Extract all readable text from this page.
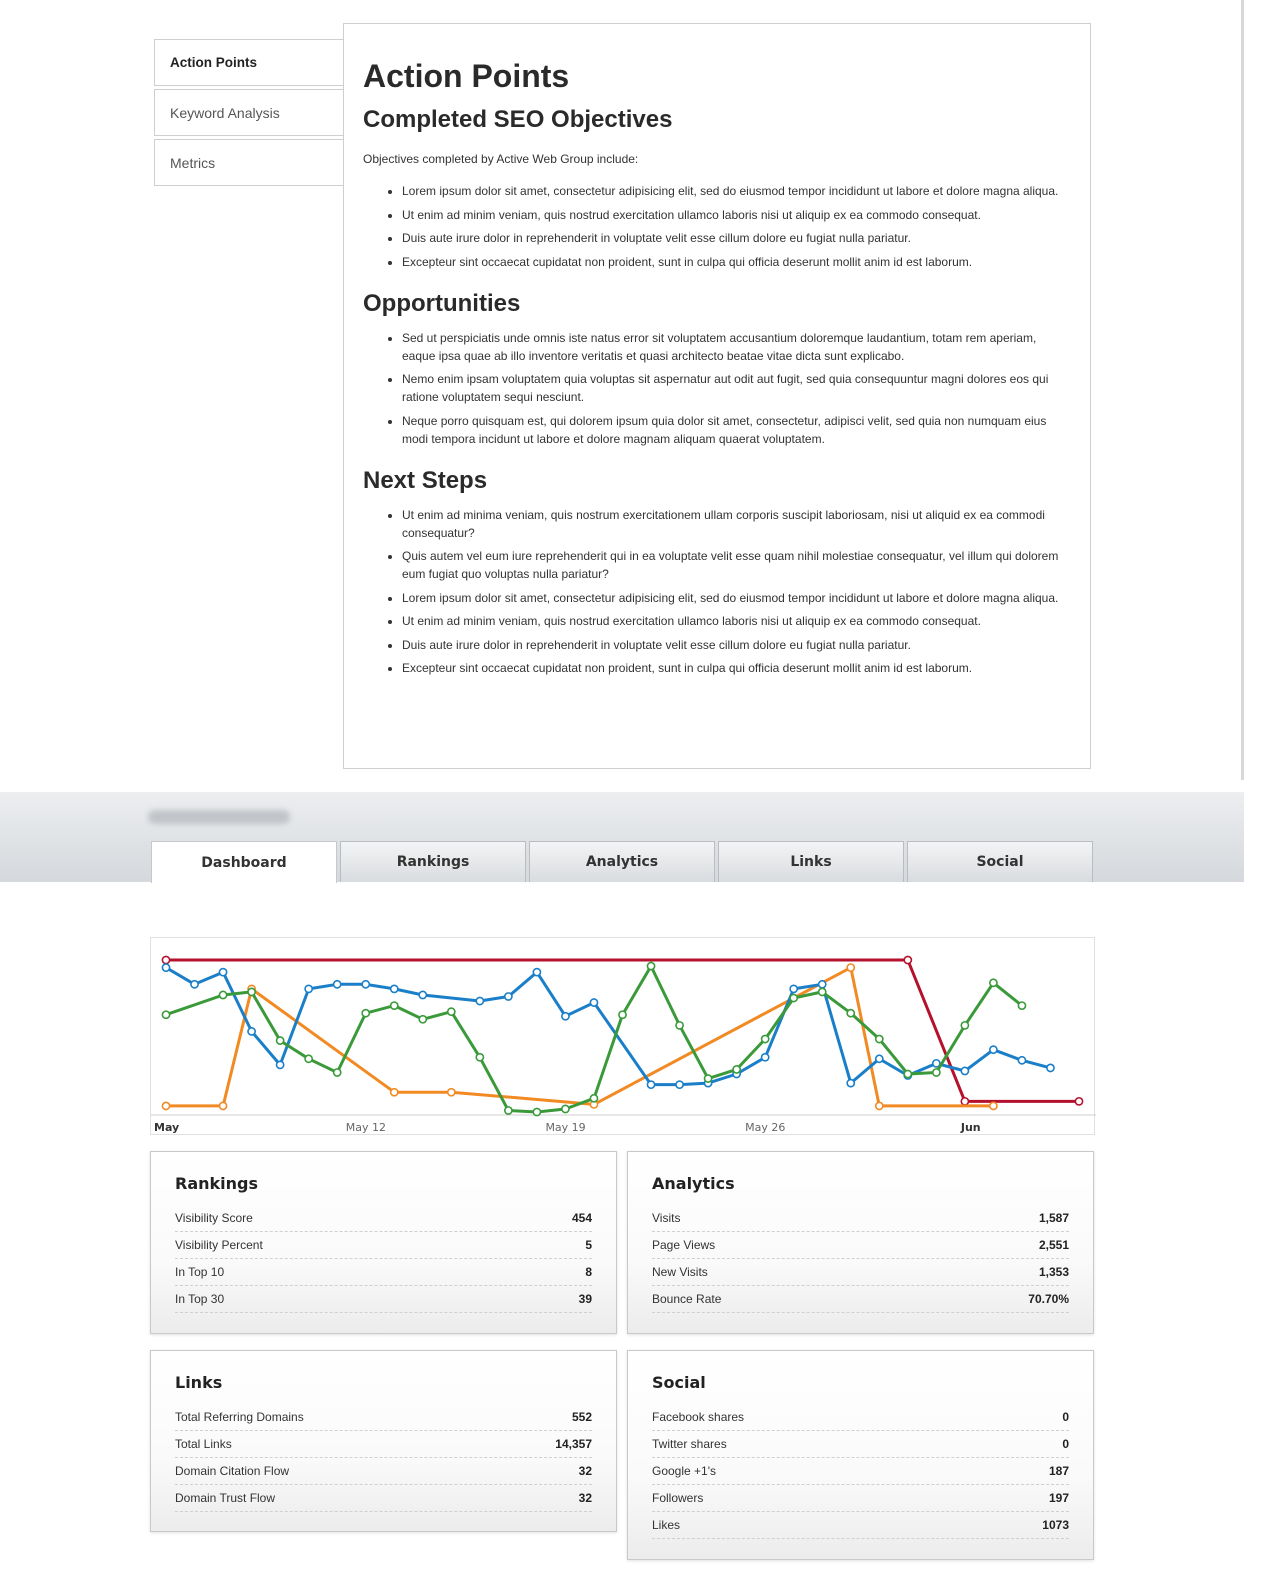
Action Points
Keyword Analysis
Metrics
Action Points
Completed SEO Objectives

Objectives completed by Active Web Group include:

• Lorem ipsum dolor sit amet, consectetur adipisicing elit, sed do eiusmod tempor incididunt ut labore et dolore magna aliqua.
• Ut enim ad minim veniam, quis nostrud exercitation ullamco laboris nisi ut aliquip ex ea commodo consequat.
• Duis aute irure dolor in reprehenderit in voluptate velit esse cillum dolore eu fugiat nulla pariatur.
• Excepteur sint occaecat cupidatat non proident, sunt in culpa qui officia deserunt mollit anim id est laborum.
Opportunities
• Sed ut perspiciatis unde omnis iste natus error sit voluptatem accusantium doloremque laudantium, totam rem aperiam, eaque ipsa quae ab illo inventore veritatis et quasi architecto beatae vitae dicta sunt explicabo.
• Nemo enim ipsam voluptatem quia voluptas sit aspernatur aut odit aut fugit, sed quia consequuntur magni dolores eos qui ratione voluptatem sequi nesciunt.
• Neque porro quisquam est, qui dolorem ipsum quia dolor sit amet, consectetur, adipisci velit, sed quia non numquam eius modi tempora incidunt ut labore et dolore magnam aliquam quaerat voluptatem.
Next Steps
• Ut enim ad minima veniam, quis nostrum exercitationem ullam corporis suscipit laboriosam, nisi ut aliquid ex ea commodi consequatur?
• Quis autem vel eum iure reprehenderit qui in ea voluptate velit esse quam nihil molestiae consequatur, vel illum qui dolorem eum fugiat quo voluptas nulla pariatur?
• Lorem ipsum dolor sit amet, consectetur adipisicing elit, sed do eiusmod tempor incididunt ut labore et dolore magna aliqua.
• Ut enim ad minim veniam, quis nostrud exercitation ullamco laboris nisi ut aliquip ex ea commodo consequat.
• Duis aute irure dolor in reprehenderit in voluptate velit esse cillum dolore eu fugiat nulla pariatur.
• Excepteur sint occaecat cupidatat non proident, sunt in culpa qui officia deserunt mollit anim id est laborum.
Dashboard	Rankings	Analytics	Links	Social
May	May 12	May 19	May 26	Jun
Rankings
Visibility Score	454
Visibility Percent	5
In Top 10	8
In Top 30	39
Analytics
Visits	1,587
Page Views	2,551
New Visits	1,353
Bounce Rate	70.70%
Links
Total Referring Domains	552
Total Links	14,357
Domain Citation Flow	32
Domain Trust Flow	32
Social
Facebook shares	0
Twitter shares	0
Google +1's	187
Followers	197
Likes	1073
